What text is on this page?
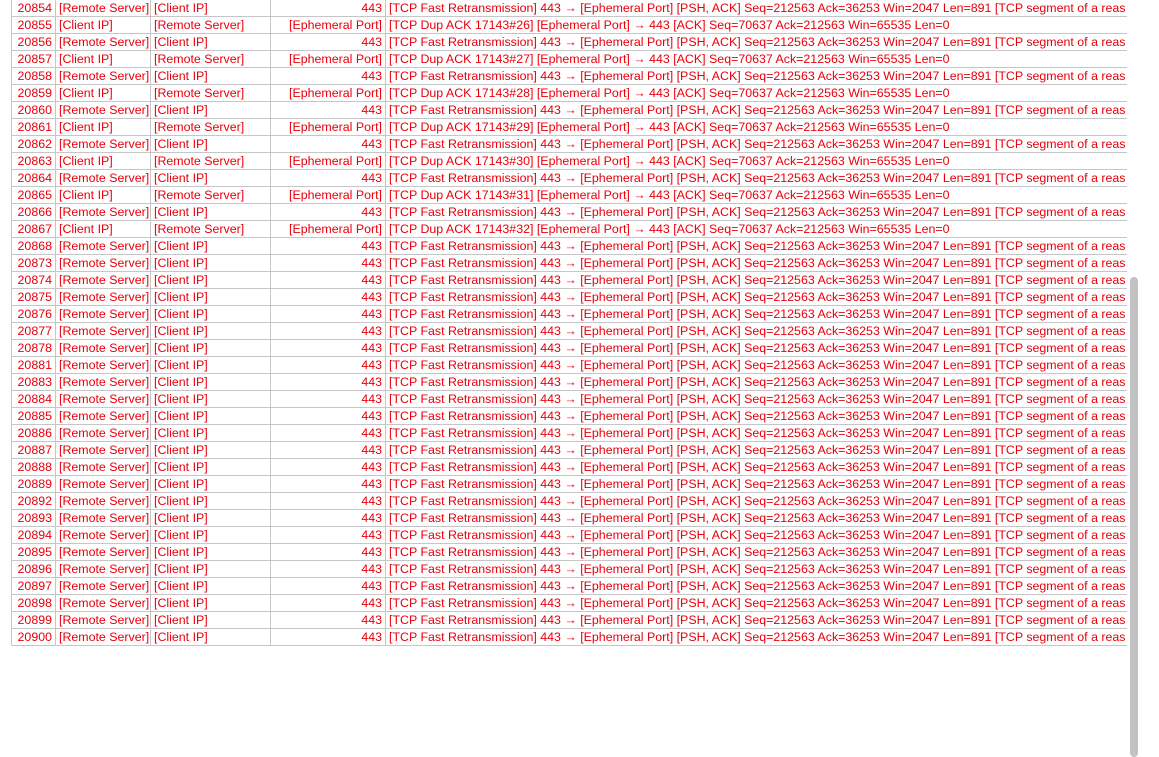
20854	[Remote Server]	[Client IP]	443	[TCP Fast Retransmission] 443 → [Ephemeral Port] [PSH, ACK] Seq=212563 Ack=36253 Win=2047 Len=891 [TCP segment of a reas
20855	[Client IP]	[Remote Server]	[Ephemeral Port]	[TCP Dup ACK 17143#26] [Ephemeral Port] → 443 [ACK] Seq=70637 Ack=212563 Win=65535 Len=0
20856	[Remote Server]	[Client IP]	443	[TCP Fast Retransmission] 443 → [Ephemeral Port] [PSH, ACK] Seq=212563 Ack=36253 Win=2047 Len=891 [TCP segment of a reas
20857	[Client IP]	[Remote Server]	[Ephemeral Port]	[TCP Dup ACK 17143#27] [Ephemeral Port] → 443 [ACK] Seq=70637 Ack=212563 Win=65535 Len=0
20858	[Remote Server]	[Client IP]	443	[TCP Fast Retransmission] 443 → [Ephemeral Port] [PSH, ACK] Seq=212563 Ack=36253 Win=2047 Len=891 [TCP segment of a reas
20859	[Client IP]	[Remote Server]	[Ephemeral Port]	[TCP Dup ACK 17143#28] [Ephemeral Port] → 443 [ACK] Seq=70637 Ack=212563 Win=65535 Len=0
20860	[Remote Server]	[Client IP]	443	[TCP Fast Retransmission] 443 → [Ephemeral Port] [PSH, ACK] Seq=212563 Ack=36253 Win=2047 Len=891 [TCP segment of a reas
20861	[Client IP]	[Remote Server]	[Ephemeral Port]	[TCP Dup ACK 17143#29] [Ephemeral Port] → 443 [ACK] Seq=70637 Ack=212563 Win=65535 Len=0
20862	[Remote Server]	[Client IP]	443	[TCP Fast Retransmission] 443 → [Ephemeral Port] [PSH, ACK] Seq=212563 Ack=36253 Win=2047 Len=891 [TCP segment of a reas
20863	[Client IP]	[Remote Server]	[Ephemeral Port]	[TCP Dup ACK 17143#30] [Ephemeral Port] → 443 [ACK] Seq=70637 Ack=212563 Win=65535 Len=0
20864	[Remote Server]	[Client IP]	443	[TCP Fast Retransmission] 443 → [Ephemeral Port] [PSH, ACK] Seq=212563 Ack=36253 Win=2047 Len=891 [TCP segment of a reas
20865	[Client IP]	[Remote Server]	[Ephemeral Port]	[TCP Dup ACK 17143#31] [Ephemeral Port] → 443 [ACK] Seq=70637 Ack=212563 Win=65535 Len=0
20866	[Remote Server]	[Client IP]	443	[TCP Fast Retransmission] 443 → [Ephemeral Port] [PSH, ACK] Seq=212563 Ack=36253 Win=2047 Len=891 [TCP segment of a reas
20867	[Client IP]	[Remote Server]	[Ephemeral Port]	[TCP Dup ACK 17143#32] [Ephemeral Port] → 443 [ACK] Seq=70637 Ack=212563 Win=65535 Len=0
20868	[Remote Server]	[Client IP]	443	[TCP Fast Retransmission] 443 → [Ephemeral Port] [PSH, ACK] Seq=212563 Ack=36253 Win=2047 Len=891 [TCP segment of a reas
20873	[Remote Server]	[Client IP]	443	[TCP Fast Retransmission] 443 → [Ephemeral Port] [PSH, ACK] Seq=212563 Ack=36253 Win=2047 Len=891 [TCP segment of a reas
20874	[Remote Server]	[Client IP]	443	[TCP Fast Retransmission] 443 → [Ephemeral Port] [PSH, ACK] Seq=212563 Ack=36253 Win=2047 Len=891 [TCP segment of a reas
20875	[Remote Server]	[Client IP]	443	[TCP Fast Retransmission] 443 → [Ephemeral Port] [PSH, ACK] Seq=212563 Ack=36253 Win=2047 Len=891 [TCP segment of a reas
20876	[Remote Server]	[Client IP]	443	[TCP Fast Retransmission] 443 → [Ephemeral Port] [PSH, ACK] Seq=212563 Ack=36253 Win=2047 Len=891 [TCP segment of a reas
20877	[Remote Server]	[Client IP]	443	[TCP Fast Retransmission] 443 → [Ephemeral Port] [PSH, ACK] Seq=212563 Ack=36253 Win=2047 Len=891 [TCP segment of a reas
20878	[Remote Server]	[Client IP]	443	[TCP Fast Retransmission] 443 → [Ephemeral Port] [PSH, ACK] Seq=212563 Ack=36253 Win=2047 Len=891 [TCP segment of a reas
20881	[Remote Server]	[Client IP]	443	[TCP Fast Retransmission] 443 → [Ephemeral Port] [PSH, ACK] Seq=212563 Ack=36253 Win=2047 Len=891 [TCP segment of a reas
20883	[Remote Server]	[Client IP]	443	[TCP Fast Retransmission] 443 → [Ephemeral Port] [PSH, ACK] Seq=212563 Ack=36253 Win=2047 Len=891 [TCP segment of a reas
20884	[Remote Server]	[Client IP]	443	[TCP Fast Retransmission] 443 → [Ephemeral Port] [PSH, ACK] Seq=212563 Ack=36253 Win=2047 Len=891 [TCP segment of a reas
20885	[Remote Server]	[Client IP]	443	[TCP Fast Retransmission] 443 → [Ephemeral Port] [PSH, ACK] Seq=212563 Ack=36253 Win=2047 Len=891 [TCP segment of a reas
20886	[Remote Server]	[Client IP]	443	[TCP Fast Retransmission] 443 → [Ephemeral Port] [PSH, ACK] Seq=212563 Ack=36253 Win=2047 Len=891 [TCP segment of a reas
20887	[Remote Server]	[Client IP]	443	[TCP Fast Retransmission] 443 → [Ephemeral Port] [PSH, ACK] Seq=212563 Ack=36253 Win=2047 Len=891 [TCP segment of a reas
20888	[Remote Server]	[Client IP]	443	[TCP Fast Retransmission] 443 → [Ephemeral Port] [PSH, ACK] Seq=212563 Ack=36253 Win=2047 Len=891 [TCP segment of a reas
20889	[Remote Server]	[Client IP]	443	[TCP Fast Retransmission] 443 → [Ephemeral Port] [PSH, ACK] Seq=212563 Ack=36253 Win=2047 Len=891 [TCP segment of a reas
20892	[Remote Server]	[Client IP]	443	[TCP Fast Retransmission] 443 → [Ephemeral Port] [PSH, ACK] Seq=212563 Ack=36253 Win=2047 Len=891 [TCP segment of a reas
20893	[Remote Server]	[Client IP]	443	[TCP Fast Retransmission] 443 → [Ephemeral Port] [PSH, ACK] Seq=212563 Ack=36253 Win=2047 Len=891 [TCP segment of a reas
20894	[Remote Server]	[Client IP]	443	[TCP Fast Retransmission] 443 → [Ephemeral Port] [PSH, ACK] Seq=212563 Ack=36253 Win=2047 Len=891 [TCP segment of a reas
20895	[Remote Server]	[Client IP]	443	[TCP Fast Retransmission] 443 → [Ephemeral Port] [PSH, ACK] Seq=212563 Ack=36253 Win=2047 Len=891 [TCP segment of a reas
20896	[Remote Server]	[Client IP]	443	[TCP Fast Retransmission] 443 → [Ephemeral Port] [PSH, ACK] Seq=212563 Ack=36253 Win=2047 Len=891 [TCP segment of a reas
20897	[Remote Server]	[Client IP]	443	[TCP Fast Retransmission] 443 → [Ephemeral Port] [PSH, ACK] Seq=212563 Ack=36253 Win=2047 Len=891 [TCP segment of a reas
20898	[Remote Server]	[Client IP]	443	[TCP Fast Retransmission] 443 → [Ephemeral Port] [PSH, ACK] Seq=212563 Ack=36253 Win=2047 Len=891 [TCP segment of a reas
20899	[Remote Server]	[Client IP]	443	[TCP Fast Retransmission] 443 → [Ephemeral Port] [PSH, ACK] Seq=212563 Ack=36253 Win=2047 Len=891 [TCP segment of a reas
20900	[Remote Server]	[Client IP]	443	[TCP Fast Retransmission] 443 → [Ephemeral Port] [PSH, ACK] Seq=212563 Ack=36253 Win=2047 Len=891 [TCP segment of a reas
